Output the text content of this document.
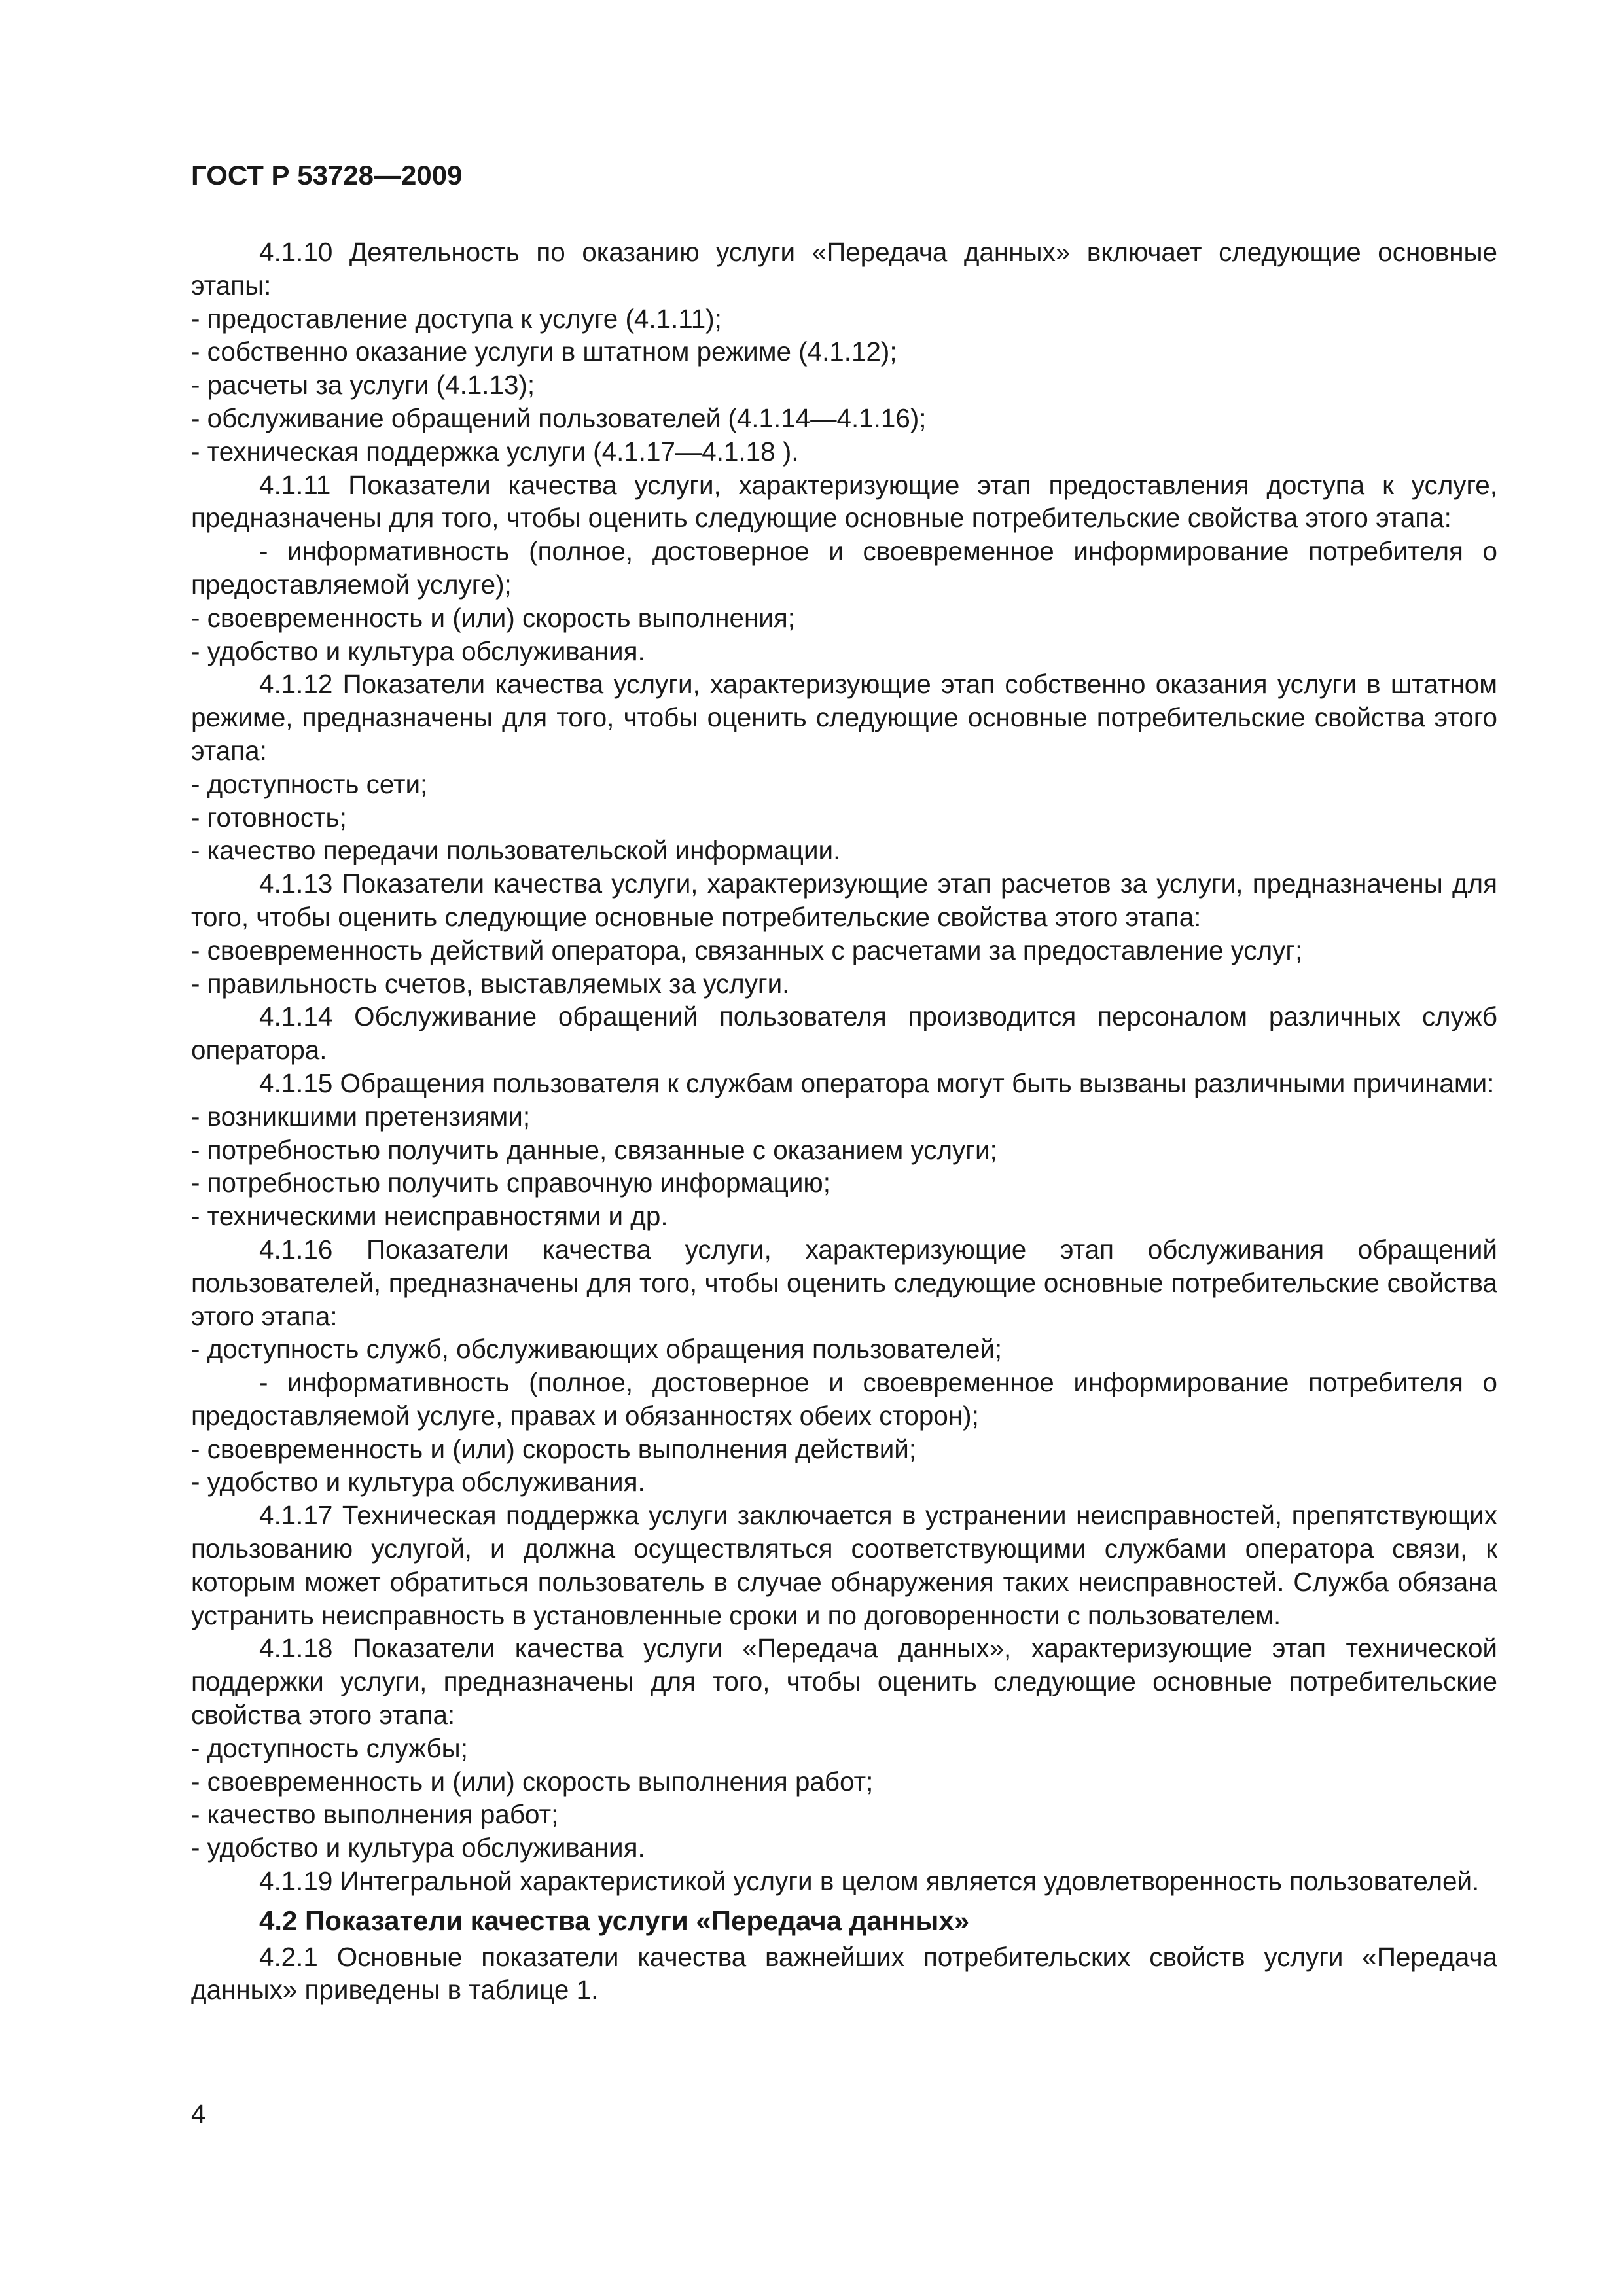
ГОСТ Р 53728—2009

4.1.10 Деятельность по оказанию услуги «Передача данных» включает следующие основные этапы:

- предоставление доступа к услуге (4.1.11);

- собственно оказание услуги в штатном режиме (4.1.12);

- расчеты за услуги (4.1.13);

- обслуживание обращений пользователей (4.1.14—4.1.16);

- техническая поддержка услуги (4.1.17—4.1.18 ).

4.1.11 Показатели качества услуги, характеризующие этап предоставления доступа к услуге, предназначены для того, чтобы оценить следующие основные потребительские свойства этого этапа:

- информативность (полное, достоверное и своевременное информирование потребителя о предоставляемой услуге);

- своевременность и (или) скорость выполнения;

- удобство и культура обслуживания.

4.1.12 Показатели качества услуги, характеризующие этап собственно оказания услуги в штатном режиме, предназначены для того, чтобы оценить следующие основные потребительские свойства этого этапа:

- доступность сети;

- готовность;

- качество передачи пользовательской информации.

4.1.13 Показатели качества услуги, характеризующие этап расчетов за услуги, предназначены для того, чтобы оценить следующие основные потребительские свойства этого этапа:

- своевременность действий оператора, связанных с расчетами за предоставление услуг;

- правильность счетов, выставляемых за услуги.

4.1.14 Обслуживание обращений пользователя производится персоналом различных служб оператора.

4.1.15 Обращения пользователя к службам оператора могут быть вызваны различными причинами:

- возникшими претензиями;

- потребностью получить данные, связанные с оказанием услуги;

- потребностью получить справочную информацию;

- техническими неисправностями и др.

4.1.16 Показатели качества услуги, характеризующие этап обслуживания обращений пользователей, предназначены для того, чтобы оценить следующие основные потребительские свойства этого этапа:

- доступность служб, обслуживающих обращения пользователей;

- информативность (полное, достоверное и своевременное информирование потребителя о предоставляемой услуге, правах и обязанностях обеих сторон);

- своевременность и (или) скорость выполнения действий;

- удобство и культура обслуживания.

4.1.17 Техническая поддержка услуги заключается в устранении неисправностей, препятствующих пользованию услугой, и должна осуществляться соответствующими службами оператора связи, к которым может обратиться пользователь в случае обнаружения таких неисправностей. Служба обязана устранить неисправность в установленные сроки и по договоренности с пользователем.

4.1.18 Показатели качества услуги «Передача данных», характеризующие этап технической поддержки услуги, предназначены для того, чтобы оценить следующие основные потребительские свойства этого этапа:

- доступность службы;

- своевременность и (или) скорость выполнения работ;

- качество выполнения работ;

- удобство и культура обслуживания.

4.1.19 Интегральной характеристикой услуги в целом является удовлетворенность пользователей.

4.2 Показатели качества услуги «Передача данных»

4.2.1 Основные показатели качества важнейших потребительских свойств услуги «Передача данных» приведены в таблице 1.

4
